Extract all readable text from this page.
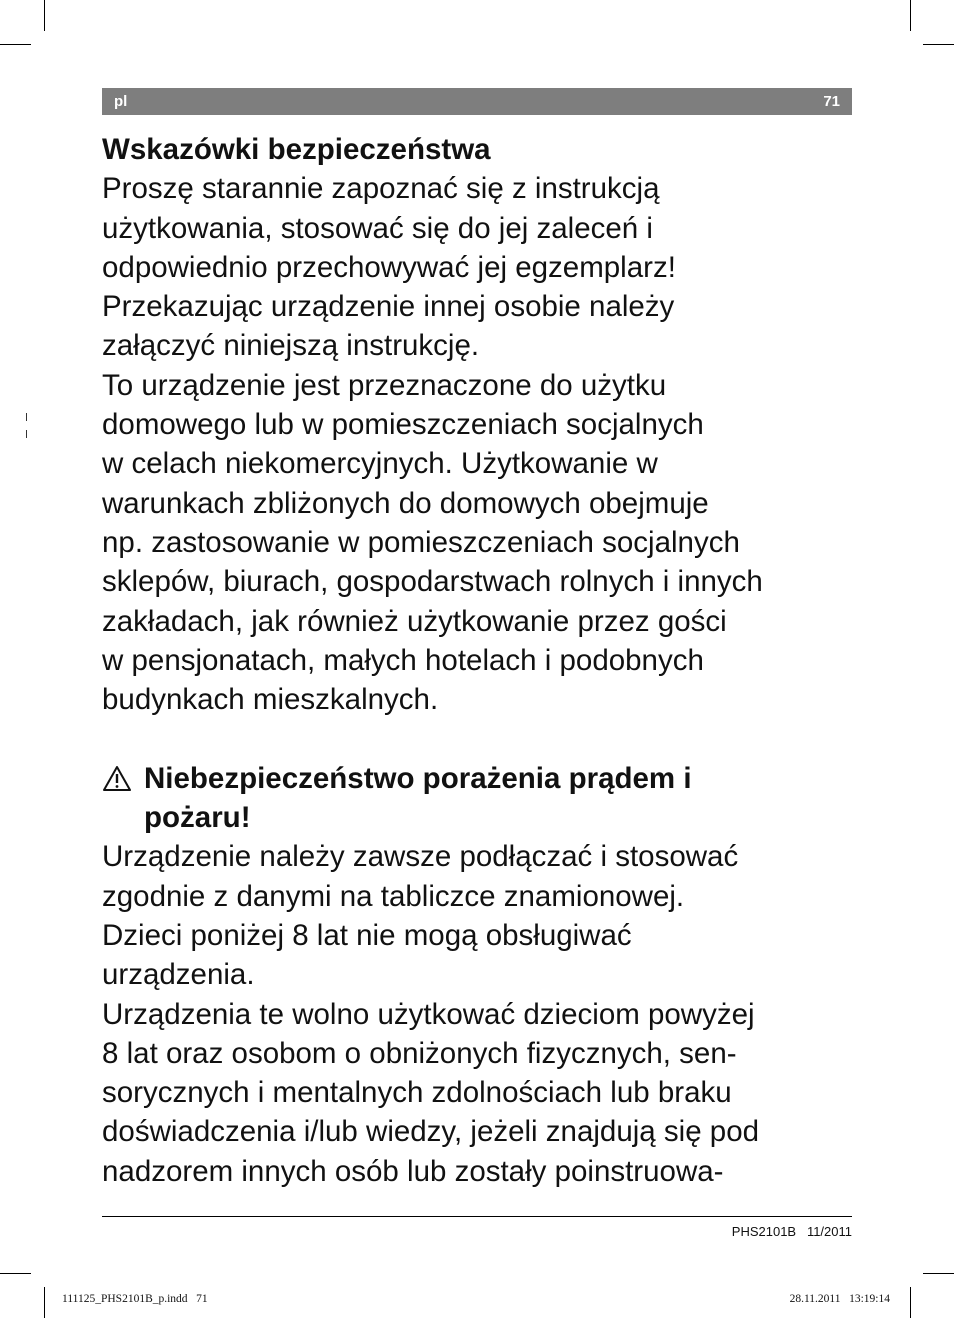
pl	71

Wskazówki bezpieczeństwa

Proszę starannie zapoznać się z instrukcją

użytkowania, stosować się do jej zaleceń i

odpowiednio przechowywać jej egzemplarz!

Przekazując urządzenie innej osobie należy

załączyć niniejszą instrukcję.

To urządzenie jest przeznaczone do użytku

domowego lub w pomieszczeniach socjalnych

w celach niekomercyjnych. Użytkowanie w

warunkach zbliżonych do domowych obejmuje

np. zastosowanie w pomieszczeniach socjalnych

sklepów, biurach, gospodarstwach rolnych i innych

zakładach, jak również użytkowanie przez gości

w pensjonatach, małych hotelach i podobnych

budynkach mieszkalnych.

Niebezpieczeństwo porażenia prądem i

pożaru!

Urządzenie należy zawsze podłączać i stosować

zgodnie z danymi na tabliczce znamionowej.

Dzieci poniżej 8 lat nie mogą obsługiwać

urządzenia.

Urządzenia te wolno użytkować dzieciom powyżej

8 lat oraz osobom o obniżonych fizycznych, sen-

sorycznych i mentalnych zdolnościach lub braku

doświadczenia i/lub wiedzy, jeżeli znajdują się pod

nadzorem innych osób lub zostały poinstruowa-

PHS2101B   11/2011
111125_PHS2101B_p.indd   71	28.11.2011   13:19:14
